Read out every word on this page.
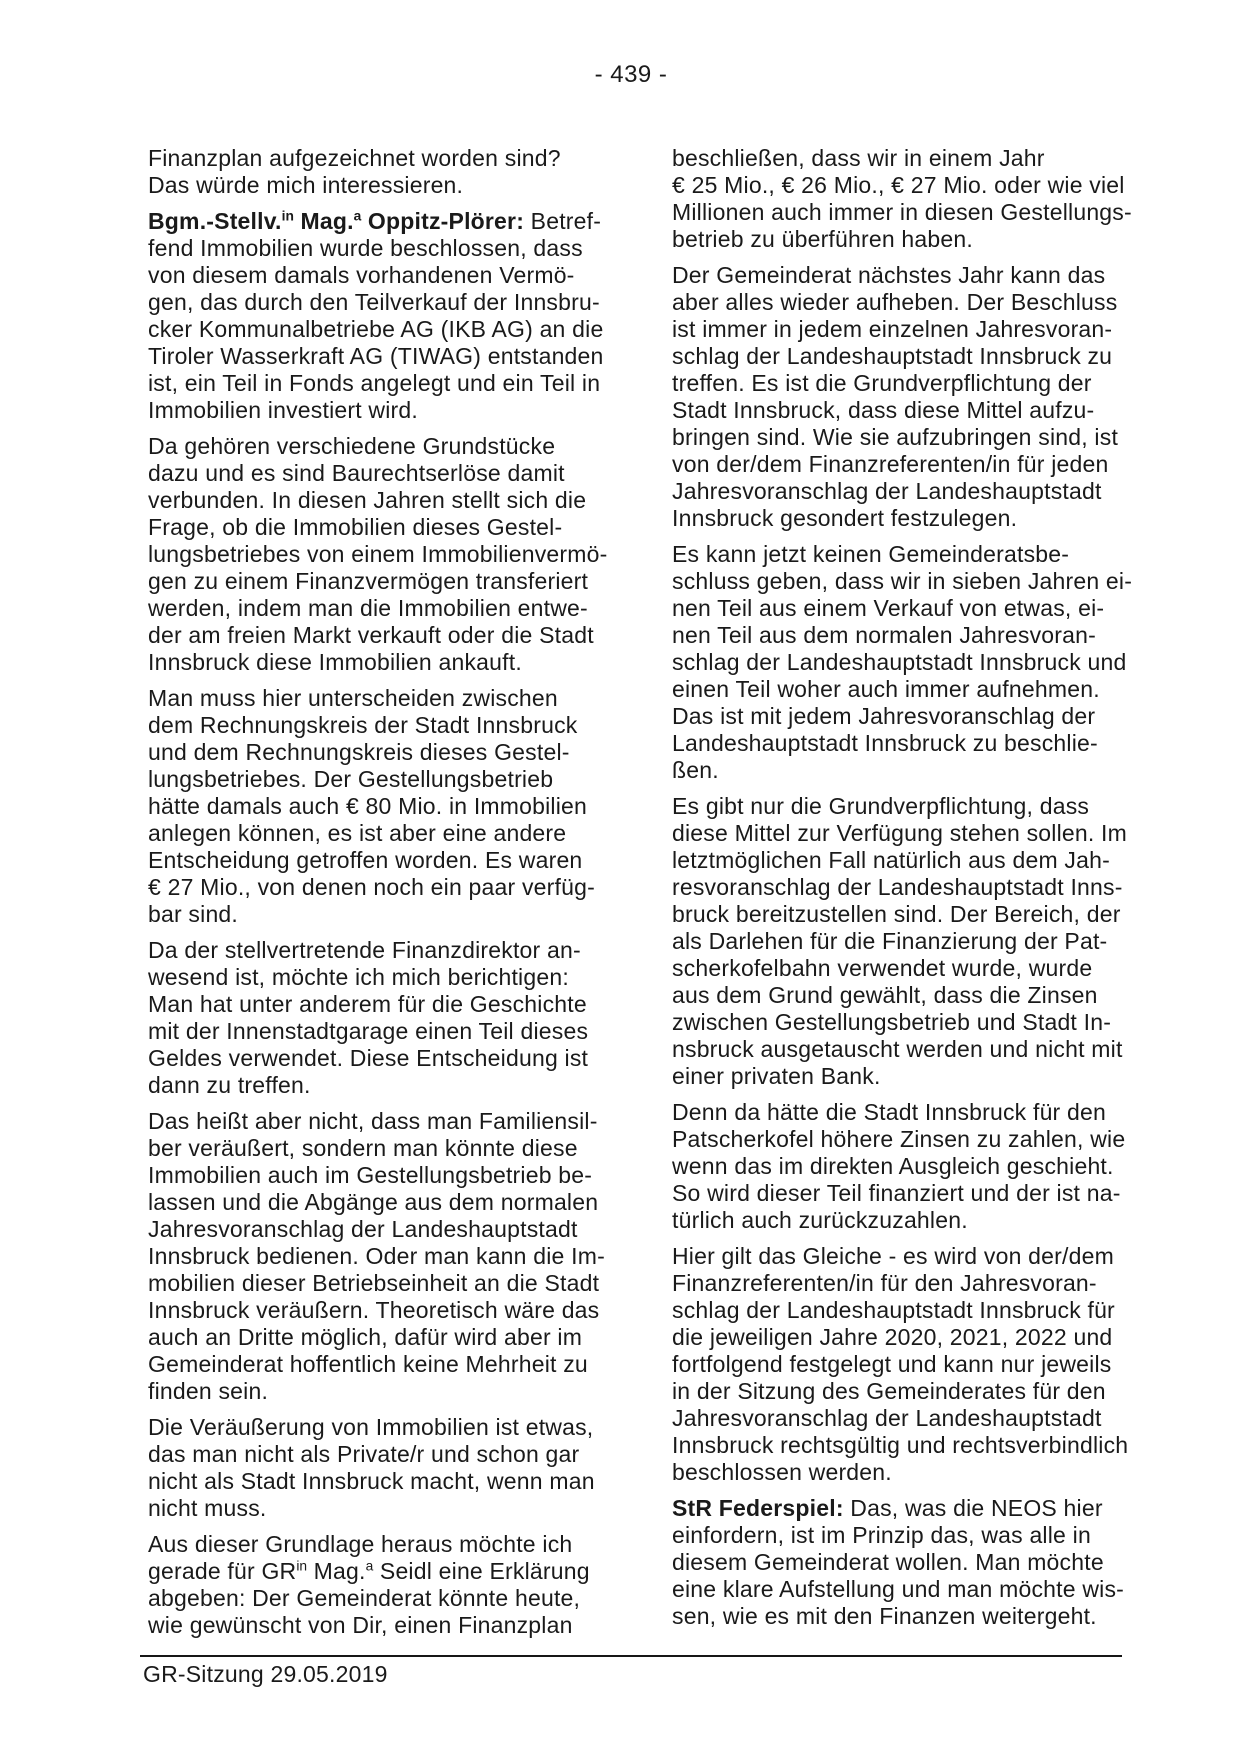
- 439 -
Finanzplan aufgezeichnet worden sind?
Das würde mich interessieren.
Bgm.-Stellv.$^{in}$ Mag.$^a$ Oppitz-Plörer: Betref-
fend Immobilien wurde beschlossen, dass
von diesem damals vorhandenen Vermö-
gen, das durch den Teilverkauf der Innsbru-
cker Kommunalbetriebe AG (IKB AG) an die
Tiroler Wasserkraft AG (TIWAG) entstanden
ist, ein Teil in Fonds angelegt und ein Teil in
Immobilien investiert wird.
Da gehören verschiedene Grundstücke
dazu und es sind Baurechtserlöse damit
verbunden. In diesen Jahren stellt sich die
Frage, ob die Immobilien dieses Gestel-
lungsbetriebes von einem Immobilienvermö-
gen zu einem Finanzvermögen transferiert
werden, indem man die Immobilien entwe-
der am freien Markt verkauft oder die Stadt
Innsbruck diese Immobilien ankauft.
Man muss hier unterscheiden zwischen
dem Rechnungskreis der Stadt Innsbruck
und dem Rechnungskreis dieses Gestel-
lungsbetriebes. Der Gestellungsbetrieb
hätte damals auch € 80 Mio. in Immobilien
anlegen können, es ist aber eine andere
Entscheidung getroffen worden. Es waren
€ 27 Mio., von denen noch ein paar verfüg-
bar sind.
Da der stellvertretende Finanzdirektor an-
wesend ist, möchte ich mich berichtigen:
Man hat unter anderem für die Geschichte
mit der Innenstadtgarage einen Teil dieses
Geldes verwendet. Diese Entscheidung ist
dann zu treffen.
Das heißt aber nicht, dass man Familiensil-
ber veräußert, sondern man könnte diese
Immobilien auch im Gestellungsbetrieb be-
lassen und die Abgänge aus dem normalen
Jahresvoranschlag der Landeshauptstadt
Innsbruck bedienen. Oder man kann die Im-
mobilien dieser Betriebseinheit an die Stadt
Innsbruck veräußern. Theoretisch wäre das
auch an Dritte möglich, dafür wird aber im
Gemeinderat hoffentlich keine Mehrheit zu
finden sein.
Die Veräußerung von Immobilien ist etwas,
das man nicht als Private/r und schon gar
nicht als Stadt Innsbruck macht, wenn man
nicht muss.
Aus dieser Grundlage heraus möchte ich
gerade für $GR^{in}$ Mag.$^a$ Seidl eine Erklärung
abgeben: Der Gemeinderat könnte heute,
wie gewünscht von Dir, einen Finanzplan
beschließen, dass wir in einem Jahr
€ 25 Mio., € 26 Mio., € 27 Mio. oder wie viel
Millionen auch immer in diesen Gestellungs-
betrieb zu überführen haben.
Der Gemeinderat nächstes Jahr kann das
aber alles wieder aufheben. Der Beschluss
ist immer in jedem einzelnen Jahresvoran-
schlag der Landeshauptstadt Innsbruck zu
treffen. Es ist die Grundverpflichtung der
Stadt Innsbruck, dass diese Mittel aufzu-
bringen sind. Wie sie aufzubringen sind, ist
von der/dem Finanzreferenten/in für jeden
Jahresvoranschlag der Landeshauptstadt
Innsbruck gesondert festzulegen.
Es kann jetzt keinen Gemeinderatsbe-
schluss geben, dass wir in sieben Jahren ei-
nen Teil aus einem Verkauf von etwas, ei-
nen Teil aus dem normalen Jahresvoran-
schlag der Landeshauptstadt Innsbruck und
einen Teil woher auch immer aufnehmen.
Das ist mit jedem Jahresvoranschlag der
Landeshauptstadt Innsbruck zu beschlie-
ßen.
Es gibt nur die Grundverpflichtung, dass
diese Mittel zur Verfügung stehen sollen. Im
letztmöglichen Fall natürlich aus dem Jah-
resvoranschlag der Landeshauptstadt Inns-
bruck bereitzustellen sind. Der Bereich, der
als Darlehen für die Finanzierung der Pat-
scherkofelbahn verwendet wurde, wurde
aus dem Grund gewählt, dass die Zinsen
zwischen Gestellungsbetrieb und Stadt In-
nsbruck ausgetauscht werden und nicht mit
einer privaten Bank.
Denn da hätte die Stadt Innsbruck für den
Patscherkofel höhere Zinsen zu zahlen, wie
wenn das im direkten Ausgleich geschieht.
So wird dieser Teil finanziert und der ist na-
türlich auch zurückzuzahlen.
Hier gilt das Gleiche - es wird von der/dem
Finanzreferenten/in für den Jahresvoran-
schlag der Landeshauptstadt Innsbruck für
die jeweiligen Jahre 2020, 2021, 2022 und
fortfolgend festgelegt und kann nur jeweils
in der Sitzung des Gemeinderates für den
Jahresvoranschlag der Landeshauptstadt
Innsbruck rechtsgültig und rechtsverbindlich
beschlossen werden.
StR Federspiel: Das, was die NEOS hier
einfordern, ist im Prinzip das, was alle in
diesem Gemeinderat wollen. Man möchte
eine klare Aufstellung und man möchte wis-
sen, wie es mit den Finanzen weitergeht.
GR-Sitzung 29.05.2019
